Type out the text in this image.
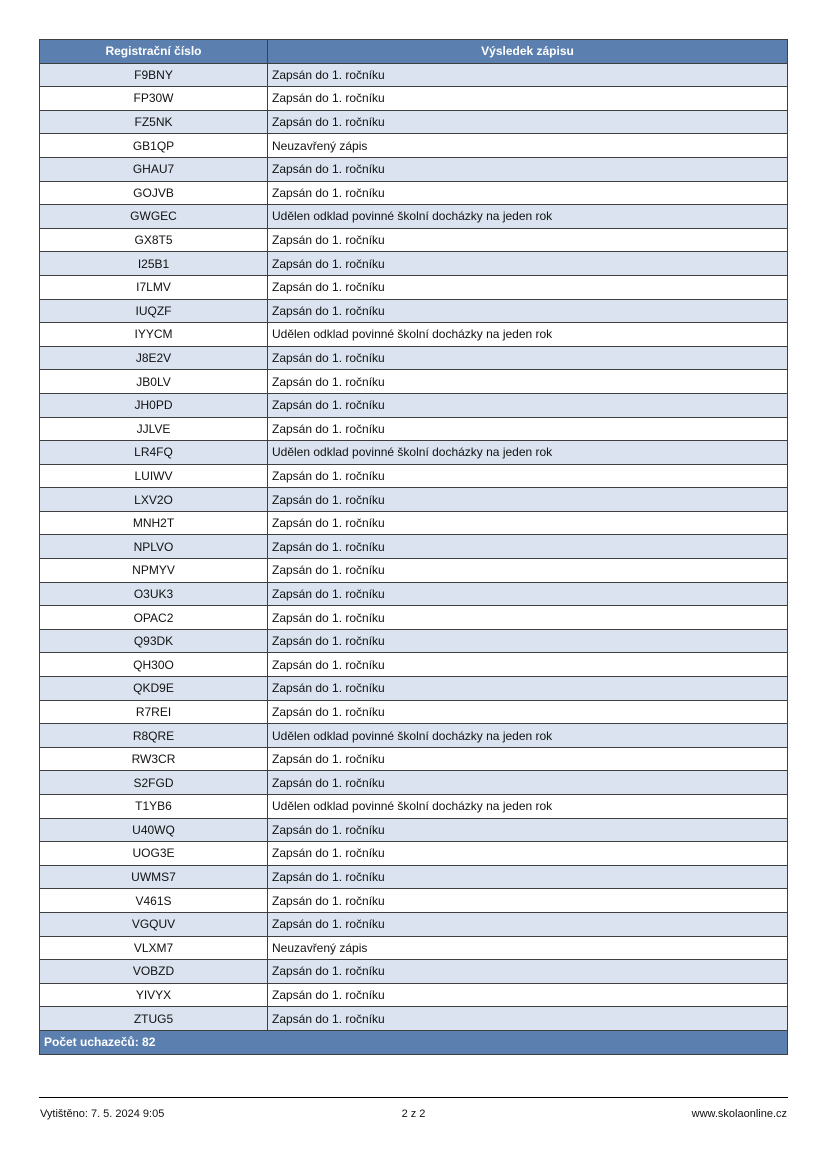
Registrační číslo	Výsledek zápisu
F9BNY	Zapsán do 1. ročníku
FP30W	Zapsán do 1. ročníku
FZ5NK	Zapsán do 1. ročníku
GB1QP	Neuzavřený zápis
GHAU7	Zapsán do 1. ročníku
GOJVB	Zapsán do 1. ročníku
GWGEC	Udělen odklad povinné školní docházky na jeden rok
GX8T5	Zapsán do 1. ročníku
I25B1	Zapsán do 1. ročníku
I7LMV	Zapsán do 1. ročníku
IUQZF	Zapsán do 1. ročníku
IYYCM	Udělen odklad povinné školní docházky na jeden rok
J8E2V	Zapsán do 1. ročníku
JB0LV	Zapsán do 1. ročníku
JH0PD	Zapsán do 1. ročníku
JJLVE	Zapsán do 1. ročníku
LR4FQ	Udělen odklad povinné školní docházky na jeden rok
LUIWV	Zapsán do 1. ročníku
LXV2O	Zapsán do 1. ročníku
MNH2T	Zapsán do 1. ročníku
NPLVO	Zapsán do 1. ročníku
NPMYV	Zapsán do 1. ročníku
O3UK3	Zapsán do 1. ročníku
OPAC2	Zapsán do 1. ročníku
Q93DK	Zapsán do 1. ročníku
QH30O	Zapsán do 1. ročníku
QKD9E	Zapsán do 1. ročníku
R7REI	Zapsán do 1. ročníku
R8QRE	Udělen odklad povinné školní docházky na jeden rok
RW3CR	Zapsán do 1. ročníku
S2FGD	Zapsán do 1. ročníku
T1YB6	Udělen odklad povinné školní docházky na jeden rok
U40WQ	Zapsán do 1. ročníku
UOG3E	Zapsán do 1. ročníku
UWMS7	Zapsán do 1. ročníku
V461S	Zapsán do 1. ročníku
VGQUV	Zapsán do 1. ročníku
VLXM7	Neuzavřený zápis
VOBZD	Zapsán do 1. ročníku
YIVYX	Zapsán do 1. ročníku
ZTUG5	Zapsán do 1. ročníku
Počet uchazečů: 82	
Vytištěno: 7. 5. 2024 9:05	2 z 2	www.skolaonline.cz
